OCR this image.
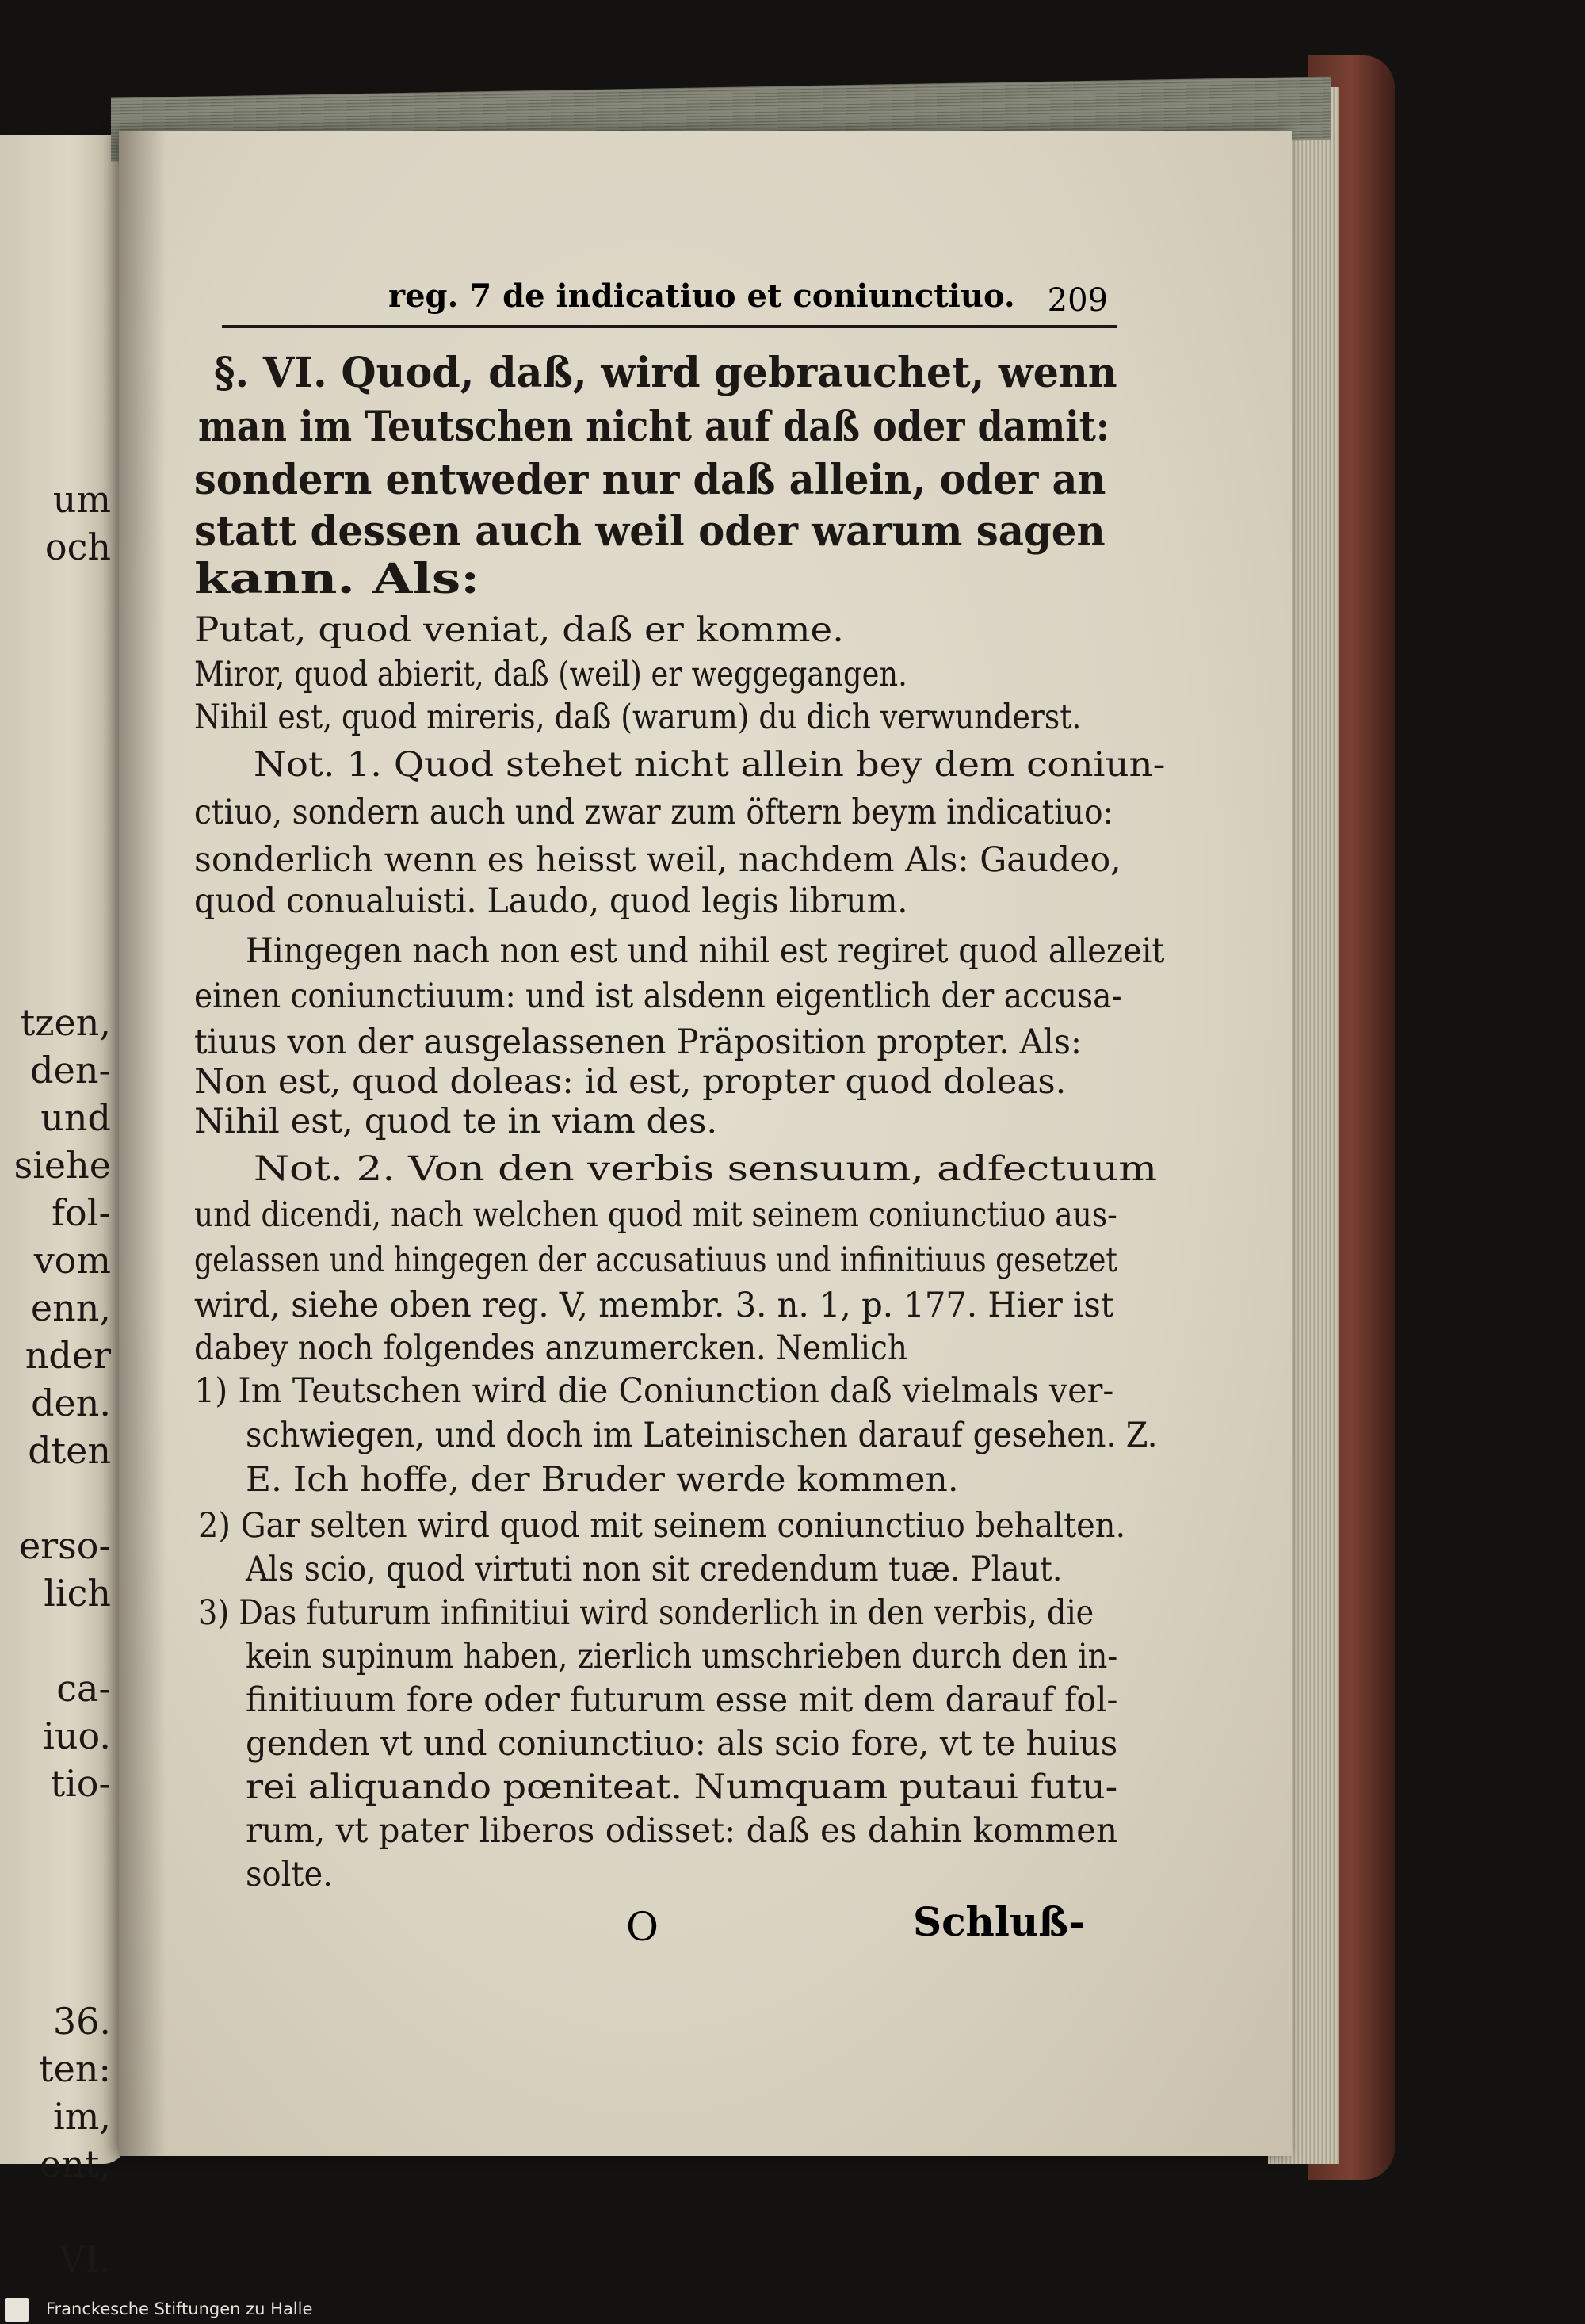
um
och
tzen,
den-
und
siehe
fol-
vom
enn,
nder
den.
dten
erso-
lich
ca-
iuo.
tio-
36.
ten:
im,
ent,
VI.
reg. 7 de indicatiuo et coniunctiuo. 209
§. VI. Quod, daß, wird gebrauchet, wenn
man im Teutschen nicht auf daß oder damit:
sondern entweder nur daß allein, oder an
statt dessen auch weil oder warum sagen
kann. Als:
Putat, quod veniat, daß er komme.
Miror, quod abierit, daß (weil) er weggegangen.
Nihil est, quod mireris, daß (warum) du dich verwunderst.
Not. 1. Quod stehet nicht allein bey dem coniun-
ctiuo, sondern auch und zwar zum öftern beym indicatiuo:
sonderlich wenn es heisst weil, nachdem Als: Gaudeo,
quod conualuisti. Laudo, quod legis librum.
Hingegen nach non est und nihil est regiret quod allezeit
einen coniunctiuum: und ist alsdenn eigentlich der accusa-
tiuus von der ausgelassenen Präposition propter. Als:
Non est, quod doleas: id est, propter quod doleas.
Nihil est, quod te in viam des.
Not. 2. Von den verbis sensuum, adfectuum
und dicendi, nach welchen quod mit seinem coniunctiuo aus-
gelassen und hingegen der accusatiuus und infinitiuus gesetzet
wird, siehe oben reg. V, membr. 3. n. 1, p. 177. Hier ist
dabey noch folgendes anzumercken. Nemlich
1) Im Teutschen wird die Coniunction daß vielmals ver-
schwiegen, und doch im Lateinischen darauf gesehen. Z.
E. Ich hoffe, der Bruder werde kommen.
2) Gar selten wird quod mit seinem coniunctiuo behalten.
Als scio, quod virtuti non sit credendum tuæ. Plaut.
3) Das futurum infinitiui wird sonderlich in den verbis, die
kein supinum haben, zierlich umschrieben durch den in-
finitiuum fore oder futurum esse mit dem darauf fol-
genden vt und coniunctiuo: als scio fore, vt te huius
rei aliquando pœniteat. Numquam putaui futu-
rum, vt pater liberos odisset: daß es dahin kommen
solte.
O	Schluß-
Franckesche Stiftungen zu Halle
